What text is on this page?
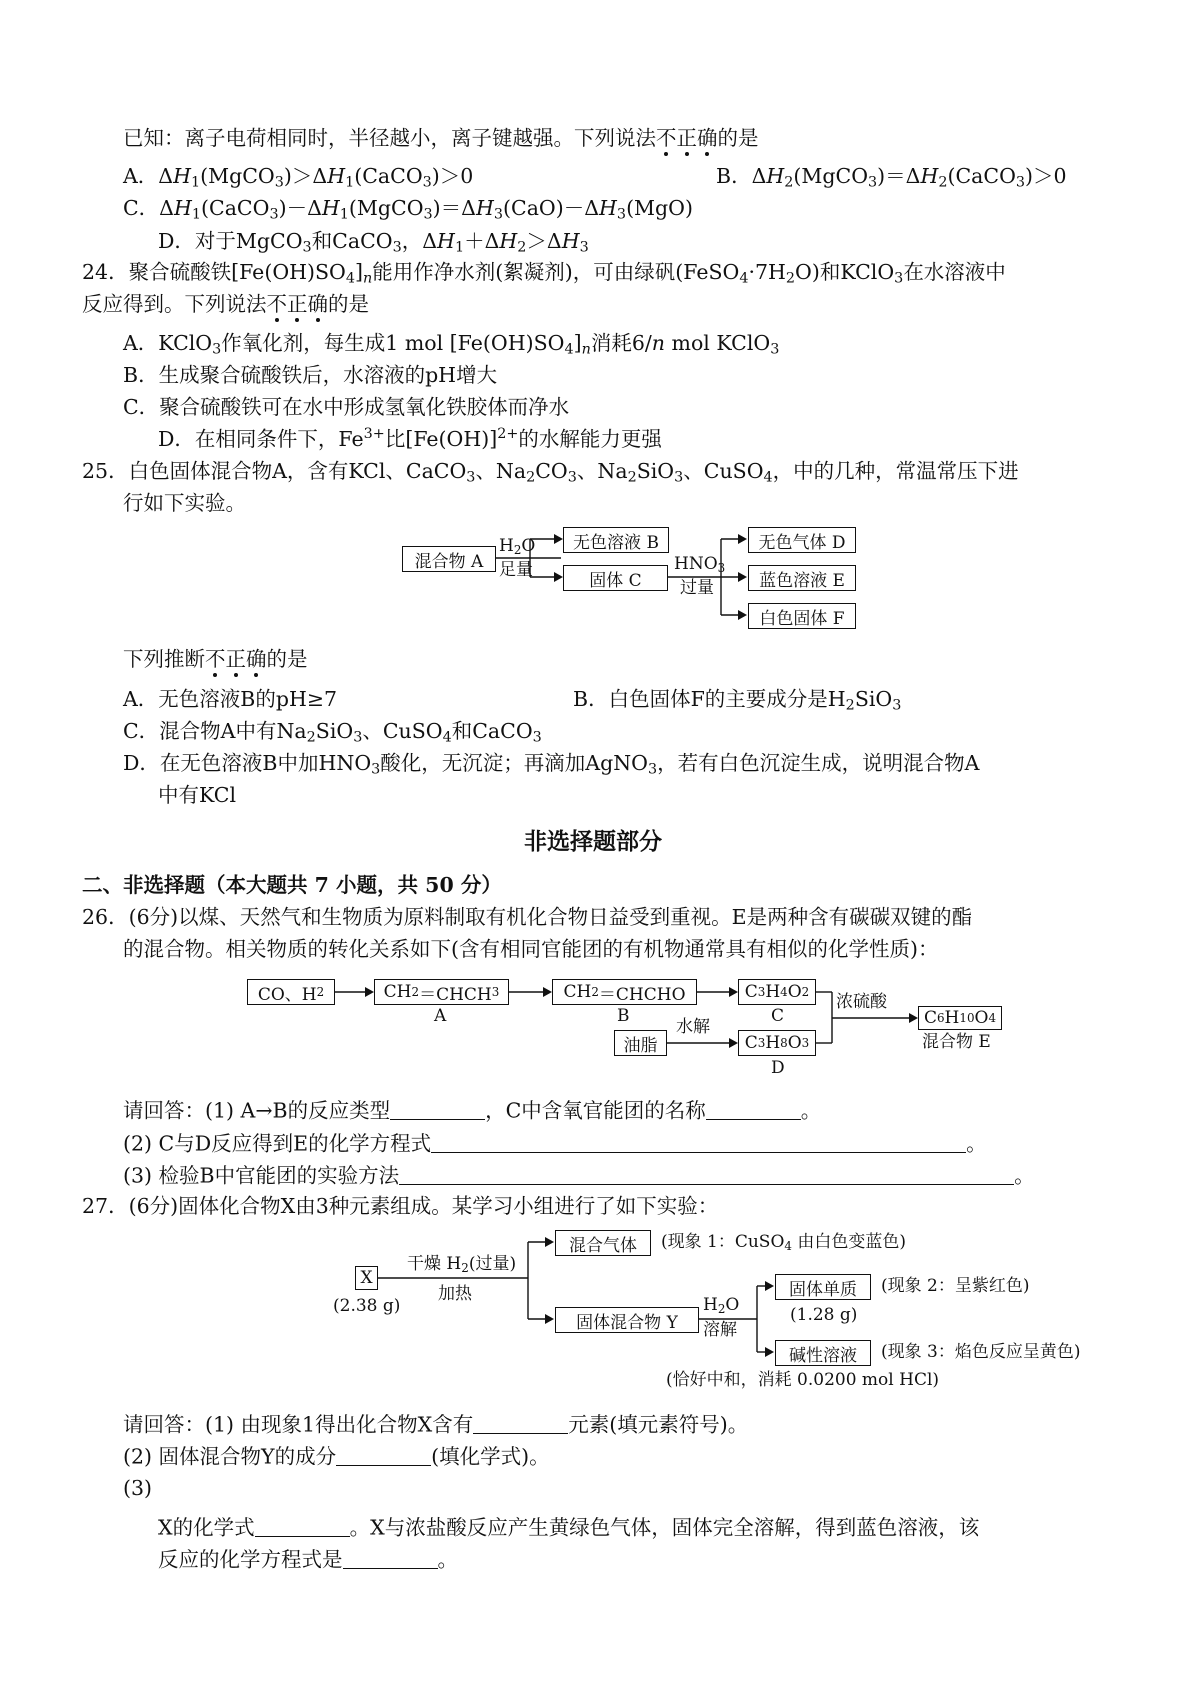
已知：离子电荷相同时，半径越小，离子键越强。下列说法不正确的是
A．$\Delta H_1(MgCO_3)>\Delta H_1(CaCO_3)>0$	B．$\Delta H_2(MgCO_3)=\Delta H_2(CaCO_3)>0$
C．$\Delta H_1(CaCO_3)-\Delta H_1(MgCO_3)=\Delta H_3(CaO)-\Delta H_3(MgO)$
D．对于MgCO$_3$和CaCO$_3$，$\Delta H_1+\Delta H_2>\Delta H_3$
24．聚合硫酸铁$[Fe(OH)SO_4]_n$能用作净水剂(絮凝剂)，可由绿矾$(FeSO_4\cdot 7H_2O)$和KClO$_3$在水溶液中
反应得到。下列说法不正确的是
A．KClO$_3$作氧化剂，每生成1 mol $[Fe(OH)SO_4]_n$消耗6/n mol KClO$_3$
B．生成聚合硫酸铁后，水溶液的pH增大
C．聚合硫酸铁可在水中形成氢氧化铁胶体而净水
D．在相同条件下，$Fe^{3+}$比$[Fe(OH)]^{2+}$的水解能力更强
25．白色固体混合物A，含有KCl、CaCO$_3$、$Na_2CO_3$、$Na_2SiO_3$、CuSO$_4$，中的几种，常温常压下进
行如下实验。
混合物 A
$H_2O$
足量
无色溶液 B
固体 C
$HNO_3$
过量
无色气体 D
蓝色溶液 E
白色固体 F
下列推断不正确的是
A．无色溶液B的pH≥7	B．白色固体F的主要成分是$H_2SiO_3$
C．混合物A中有$Na_2SiO_3$、CuSO$_4$和CaCO$_3$
D．在无色溶液B中加$HNO_3$酸化，无沉淀；再滴加AgNO$_3$，若有白色沉淀生成，说明混合物A
中有KCl
非选择题部分
二、非选择题（本大题共 7 小题，共 50 分）
26．(6分)以煤、天然气和生物质为原料制取有机化合物日益受到重视。E是两种含有碳碳双键的酯
的混合物。相关物质的转化关系如下(含有相同官能团的有机物通常具有相似的化学性质)：
CO、H 2	CH 2 ＝CHCH 3
A
CH 2 ＝CHCHO
B
C 3 H 4 O 2
C
油脂
水解
C 3 H 8 O 3
D
浓硫酸
C 6 H 10 O 4
混合物 E
请回答：(1) A→B的反应类型	，C中含氧官能团的名称	。
(2) C与D反应得到E的化学方程式	。
(3) 检验B中官能团的实验方法	。
27．(6分)固体化合物X由3种元素组成。某学习小组进行了如下实验：
X
(2.38 g)
干燥 $H_2$(过量)
加热
混合气体	(现象 1：CuSO$_4$ 由白色变蓝色)
固体混合物 Y
$H_2O$
溶解
固体单质	(现象 2：呈紫红色)
(1.28 g)
碱性溶液	(现象 3：焰色反应呈黄色)
(恰好中和，消耗 0.0200 mol HCl)
请回答：(1) 由现象1得出化合物X含有	元素(填元素符号)。
(2) 固体混合物Y的成分	(填化学式)。
(3)
X的化学式	。X与浓盐酸反应产生黄绿色气体，固体完全溶解，得到蓝色溶液，该
反应的化学方程式是	。
